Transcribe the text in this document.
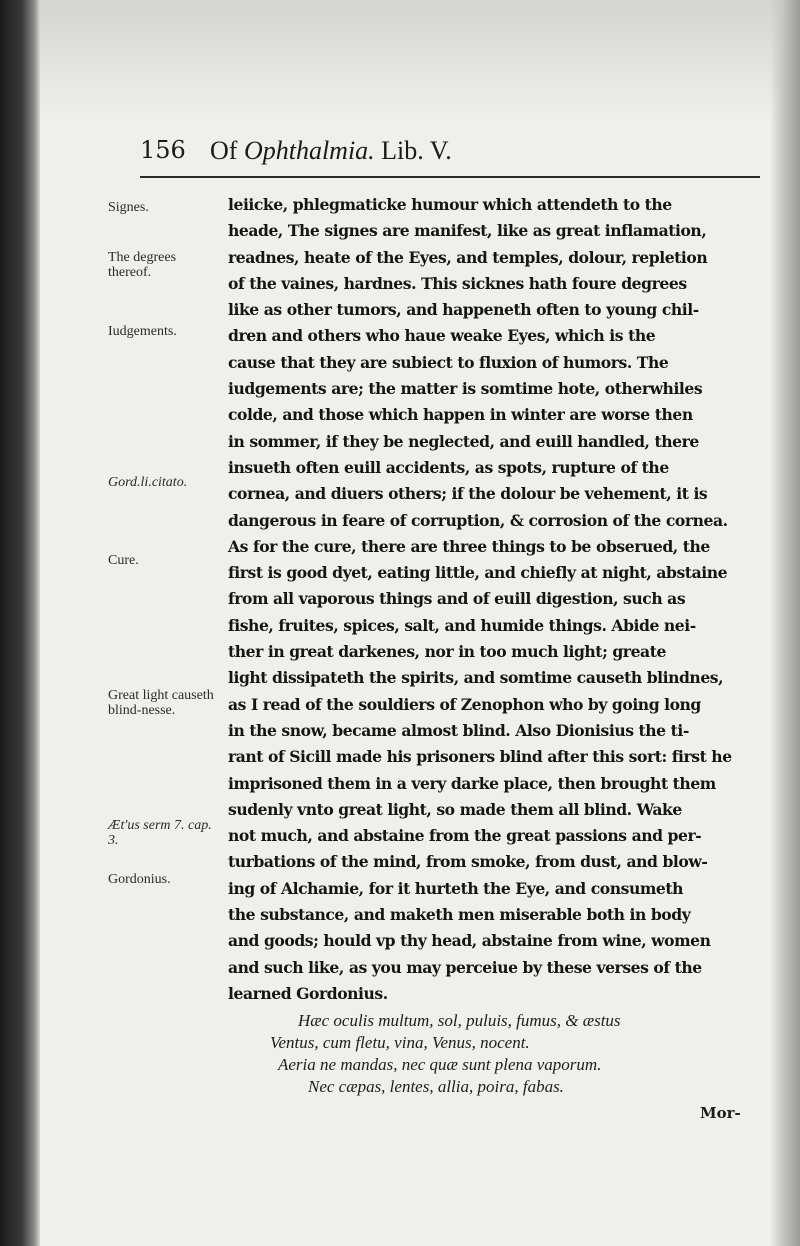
156 Of Ophthalmia. Lib. V.
Signes.
The degrees thereof.
Iudgements.
Gord.li.citato.
Cure.
Great light causeth blind-nesse.
Æt'us serm 7. cap. 3.
Gordonius.
leiicke, phlegmaticke humour which attendeth to the
heade, The signes are manifest, like as great inflamation,
readnes, heate of the Eyes, and temples, dolour, repletion
of the vaines, hardnes. This sicknes hath foure degrees
like as other tumors, and happeneth often to young chil-
dren and others who haue weake Eyes, which is the
cause that they are subiect to fluxion of humors. The
iudgements are; the matter is somtime hote, otherwhiles
colde, and those which happen in winter are worse then
in sommer, if they be neglected, and euill handled, there
insueth often euill accidents, as spots, rupture of the
cornea, and diuers others; if the dolour be vehement, it is
dangerous in feare of corruption, & corrosion of the cornea.
As for the cure, there are three things to be obserued, the
first is good dyet, eating little, and chiefly at night, abstaine
from all vaporous things and of euill digestion, such as
fishe, fruites, spices, salt, and humide things. Abide nei-
ther in great darkenes, nor in too much light; greate
light dissipateth the spirits, and somtime causeth blindnes,
as I read of the souldiers of Zenophon who by going long
in the snow, became almost blind. Also Dionisius the ti-
rant of Sicill made his prisoners blind after this sort: first he
imprisoned them in a very darke place, then brought them
sudenly vnto great light, so made them all blind. Wake
not much, and abstaine from the great passions and per-
turbations of the mind, from smoke, from dust, and blow-
ing of Alchamie, for it hurteth the Eye, and consumeth
the substance, and maketh men miserable both in body
and goods; hould vp thy head, abstaine from wine, women
and such like, as you may perceiue by these verses of the
learned Gordonius.
Hæc oculis multum, sol, puluis, fumus, & æstus
Ventus, cum fletu, vina, Venus, nocent.
Aeria ne mandas, nec quæ sunt plena vaporum.
Nec cæpas, lentes, allia, poira, fabas.
Mor-
